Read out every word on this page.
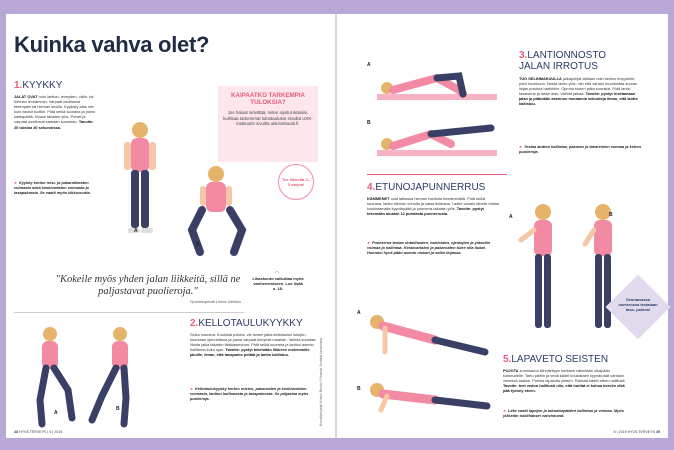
Kuinka vahva olet?
1.KYYKKY
JALAT OVAT noin lantion- leveyden- välin- tai hieman leveämmin. Varpaat osoittavat eteenpäin tai hieman sivulle. Kyykisty alas niin kuin istuisit tuolille. Pidä selkä suorana ja paino kantapäillä. Nouse takaisin ylös. Polvet ja varpaat osoittavat samaan suuntaan. Tavoite: 20 toistoa 30 sekunnissa.
► Kyykky kertoo reisi- ja pakaralihasten voimasta sekä keskivartalon voimasta ja tasapainosta. Se vaatii myös liikkuvuutta.
A
B
KAIPAATKO TARKEMPIA TULOKSIA?

Jos haluat selvittää, miten sijoitut ikäisiisi, kurkkaa tarkemmat tulostaulukot sivuilta UKK-instituutin sivuilta ukkinstituutti.fi.

Tee liikkeitä 2–3 varjoa!
"Kokeile myös yhden jalan liikkeitä, sillä ne paljastavat puolieroja."
Fysioterapeutti Leena Vierikko.
︿
Lihaskunto vaikuttaa myös vanhenemiseen. Lue lisää s. 18.
A
B
2.KELLOTAULUKYYKKY
Seiso suorana. Koukista polvea, vie toinen jalka kellotaulun lukujen suuntaan ojennettuna ja paina varpaat kevyesti maahan. Vaihda suuntaa. Nosta jalka takaisin lähtöasentoon. Pidä selkä suorana ja lantion asento hallittuna koko ajan. Tavoite: pystyt tekemään liikkeen molemmille jaloille, ilman, että tasapaino pettää ja lantio kallistuu.
► Kellotaulukyykky kertoo reisien, pakaroiden ja keskivartalon voimasta, lantion hallinnasta ja tasapainosta. Se paljastaa myös puolieroja.
48 HYVÄ TERVEYS | 6 | 2019
Kuvat/pohjatyö Kristin Reutio / Hiussal: Jonattia kansioissa
A
B
3.LANTIONNOSTO JALAN IRROTUS
TUO SELINMAKUULLA jalkapohjat lattiaan noin lantion levyydelle, polvi koukkuun. Nosta lantio ylös, niin että vartalo muodostaa suoran linjan polvista hartioihin. Ojenna toinen jalka suoraksi. Pidä lantio tasaisena ja laske alas. Vaihda jalkaa. Tavoite: pystyt irrottamaan jalan ja pitämään asennon muutamia sekunteja ilman, että lantio kallistuu.
► Testaa lantion hallintaa, pakaran ja takareisien voimaa ja kehon puolieroja.
4.ETUNOJAPUNNERRUS
KÄMMENET ovat lattiassa hieman hartioita leveämmällä. Pidä selkä suorana, lantio hieman koholla ja vatsa tiukkana. Laske vartalo lähelle lattiaa koukistamalla kyynärpäitä ja punnerra takaisin ylös. Tavoite: pystyt tekemään ainakin 12 puhdasta punnerrusta.
► Punnerrus testaa rintalihasten, hartioiden, ojentajien ja yläselän voimaa ja hallintaa. Keskivartalon ja pakaroiden tulee olla tiukat. Huomioi hyvä pään asento niskan ja selän linjassa.
A
B
A	B
Seuraavassa numerossa testataan taso- painoa!
5.LAPAVETO SEISTEN
PUJOTA kuminauha kiinnitettyyn kohtaan vähintään olkapään korkeudelle. Tartu päihin ja vedä kädet koukistaen kyynärpäät vartalon vieressä taakse. Purista lapaluita yhteen. Palauta kädet eteen hallitusti. Tavoite: teet vedon hallitusti niin, että hartiat ei kohoa korviin eikä pää työnny eteen.
► Liike vaatii lapojen ja takaolkapäiden hallintaa ja voimaa. Myös yläselän tukilihakset vahvistuvat.
6 | 2019 HYVÄ TERVEYS 49
